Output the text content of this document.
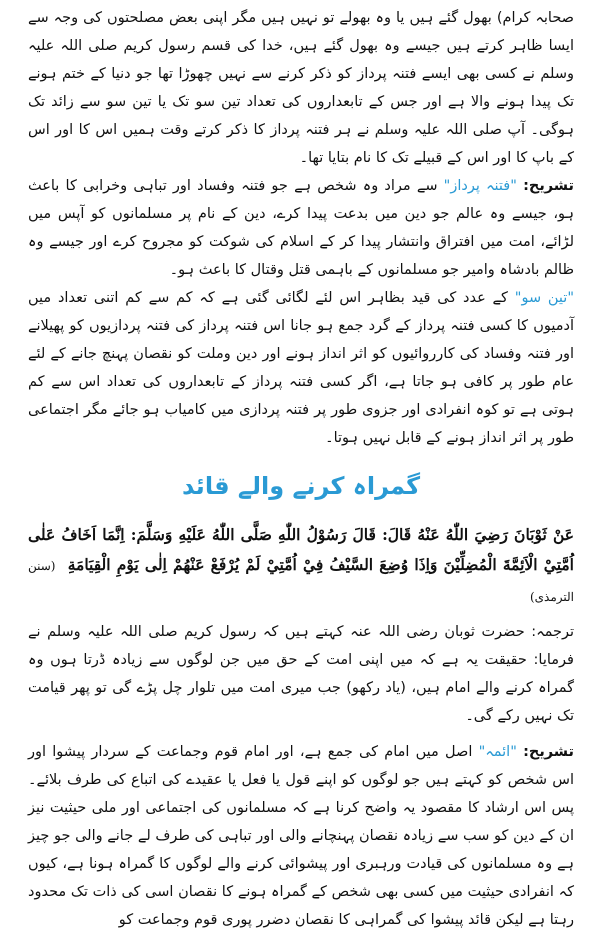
صحابہ کرام) بھول گئے ہیں یا وہ بھولے تو نہیں ہیں مگر اپنی بعض مصلحتوں کی وجہ سے ایسا ظاہر کرتے ہیں جیسے وہ بھول گئے ہیں، خدا کی قسم رسول کریم صلی اللہ علیہ وسلم نے کسی بھی ایسے فتنہ پرداز کو ذکر کرنے سے نہیں چھوڑا تھا جو دنیا کے ختم ہونے تک پیدا ہونے والا ہے اور جس کے تابعداروں کی تعداد تین سو تک یا تین سو سے زائد تک ہوگی۔ آپ صلی اللہ علیہ وسلم نے ہر فتنہ پرداز کا ذکر کرتے وقت ہمیں اس کا اور اس کے باپ کا اور اس کے قبیلے تک کا نام بتایا تھا۔

تشریح: "فتنہ پرداز" سے مراد وہ شخص ہے جو فتنہ وفساد اور تباہی وخرابی کا باعث ہو، جیسے وہ عالم جو دین میں بدعت پیدا کرے، دین کے نام پر مسلمانوں کو آپس میں لڑائے، امت میں افتراق وانتشار پیدا کر کے اسلام کی شوکت کو مجروح کرے اور جیسے وہ ظالم بادشاہ وامیر جو مسلمانوں کے باہمی قتل وقتال کا باعث ہو۔

"تین سو" کے عدد کی قید بظاہر اس لئے لگائی گئی ہے کہ کم سے کم اتنی تعداد میں آدمیوں کا کسی فتنہ پرداز کے گرد جمع ہو جانا اس فتنہ پرداز کی فتنہ پردازیوں کو پھیلانے اور فتنہ وفساد کی کارروائیوں کو اثر انداز ہونے اور دین وملت کو نقصان پہنچ جانے کے لئے عام طور پر کافی ہو جاتا ہے، اگر کسی فتنہ پرداز کے تابعداروں کی تعداد اس سے کم ہوتی ہے تو کوہ انفرادی اور جزوی طور پر فتنہ پردازی میں کامیاب ہو جائے مگر اجتماعی طور پر اثر انداز ہونے کے قابل نہیں ہوتا۔

گمراہ کرنے والے قائد

عَنْ ثَوْبَانَ رَضِيَ اللّٰهُ عَنْهُ قَالَ: قَالَ رَسُوْلُ اللّٰهِ صَلَّى اللّٰهُ عَلَيْهِ وَسَلَّمَ: اِنَّمَا اَخَافُ عَلٰى اُمَّتِيْ الْاَئِمَّةَ الْمُضِلِّيْنَ وَاِذَا وُضِعَ السَّيْفُ فِيْ اُمَّتِيْ لَمْ يُرْفَعْ عَنْهُمْ اِلٰى يَوْمِ الْقِيَامَةِ (سنن الترمذی)

ترجمہ: حضرت ثوبان رضی اللہ عنہ کہتے ہیں کہ رسول کریم صلی اللہ علیہ وسلم نے فرمایا: حقیقت یہ ہے کہ میں اپنی امت کے حق میں جن لوگوں سے زیادہ ڈرتا ہوں وہ گمراہ کرنے والے امام ہیں، (یاد رکھو) جب میری امت میں تلوار چل پڑے گی تو پھر قیامت تک نہیں رکے گی۔

تشریح: "ائمہ" اصل میں امام کی جمع ہے، اور امام قوم وجماعت کے سردار پیشوا اور اس شخص کو کہتے ہیں جو لوگوں کو اپنے قول یا فعل یا عقیدے کی اتباع کی طرف بلائے۔ پس اس ارشاد کا مقصود یہ واضح کرنا ہے کہ مسلمانوں کی اجتماعی اور ملی حیثیت نیز ان کے دین کو سب سے زیادہ نقصان پہنچانے والی اور تباہی کی طرف لے جانے والی جو چیز ہے وہ مسلمانوں کی قیادت ورہبری اور پیشوائی کرنے والے لوگوں کا گمراہ ہونا ہے، کیوں کہ انفرادی حیثیت میں کسی بھی شخص کے گمراہ ہونے کا نقصان اسی کی ذات تک محدود رہتا ہے لیکن قائد پیشوا کی گمراہی کا نقصان دضرر پوری قوم وجماعت کو
